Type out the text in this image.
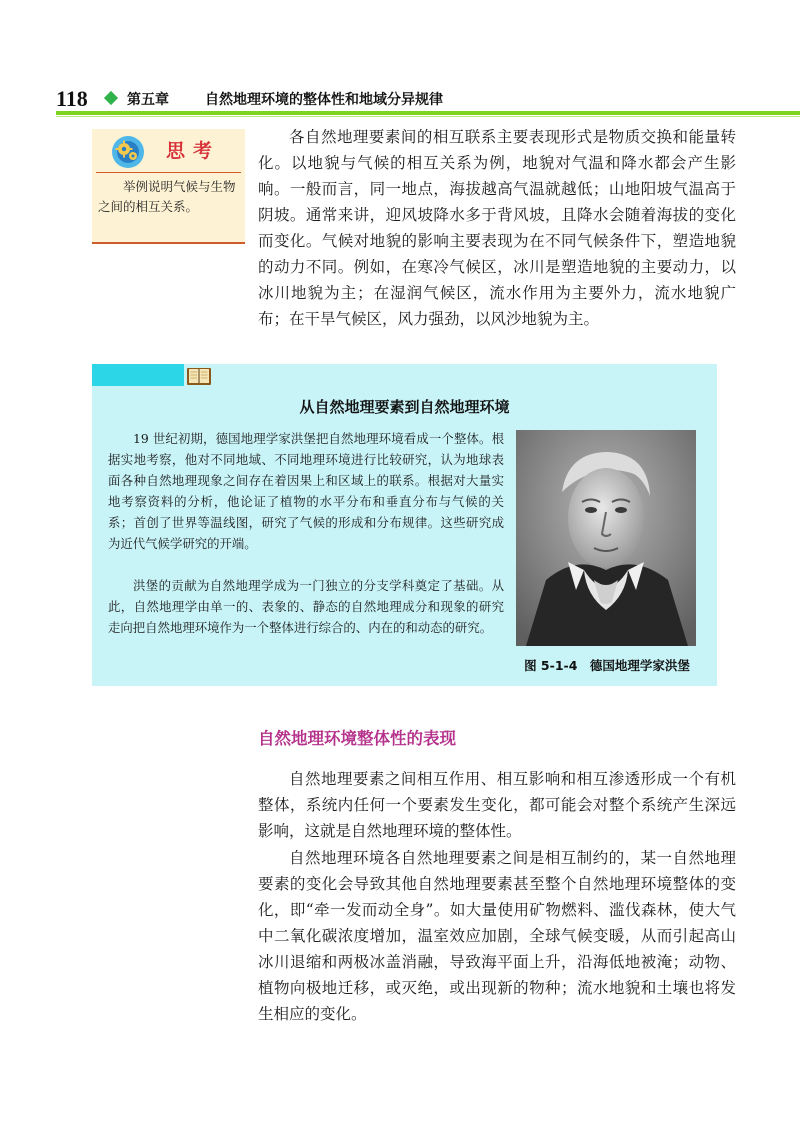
118	第五章	自然地理环境的整体性和地域分异规律
思考
举例说明气候与生物之间的相互关系。
各自然地理要素间的相互联系主要表现形式是物质交换和能量转化。以地貌与气候的相互关系为例，地貌对气温和降水都会产生影响。一般而言，同一地点，海拔越高气温就越低；山地阳坡气温高于阴坡。通常来讲，迎风坡降水多于背风坡，且降水会随着海拔的变化而变化。气候对地貌的影响主要表现为在不同气候条件下，塑造地貌的动力不同。例如，在寒冷气候区，冰川是塑造地貌的主要动力，以冰川地貌为主；在湿润气候区，流水作用为主要外力，流水地貌广布；在干旱气候区，风力强劲，以风沙地貌为主。
从自然地理要素到自然地理环境
19 世纪初期，德国地理学家洪堡把自然地理环境看成一个整体。根据实地考察，他对不同地域、不同地理环境进行比较研究，认为地球表面各种自然地理现象之间存在着因果上和区域上的联系。根据对大量实地考察资料的分析，他论证了植物的水平分布和垂直分布与气候的关系；首创了世界等温线图，研究了气候的形成和分布规律。这些研究成为近代气候学研究的开端。
洪堡的贡献为自然地理学成为一门独立的分支学科奠定了基础。从此，自然地理学由单一的、表象的、静态的自然地理成分和现象的研究走向把自然地理环境作为一个整体进行综合的、内在的和动态的研究。
图 5-1-4　德国地理学家洪堡
自然地理环境整体性的表现
自然地理要素之间相互作用、相互影响和相互渗透形成一个有机整体，系统内任何一个要素发生变化，都可能会对整个系统产生深远影响，这就是自然地理环境的整体性。
自然地理环境各自然地理要素之间是相互制约的，某一自然地理要素的变化会导致其他自然地理要素甚至整个自然地理环境整体的变化，即“牵一发而动全身”。如大量使用矿物燃料、滥伐森林，使大气中二氧化碳浓度增加，温室效应加剧，全球气候变暖，从而引起高山冰川退缩和两极冰盖消融，导致海平面上升，沿海低地被淹；动物、植物向极地迁移，或灭绝，或出现新的物种；流水地貌和土壤也将发生相应的变化。
